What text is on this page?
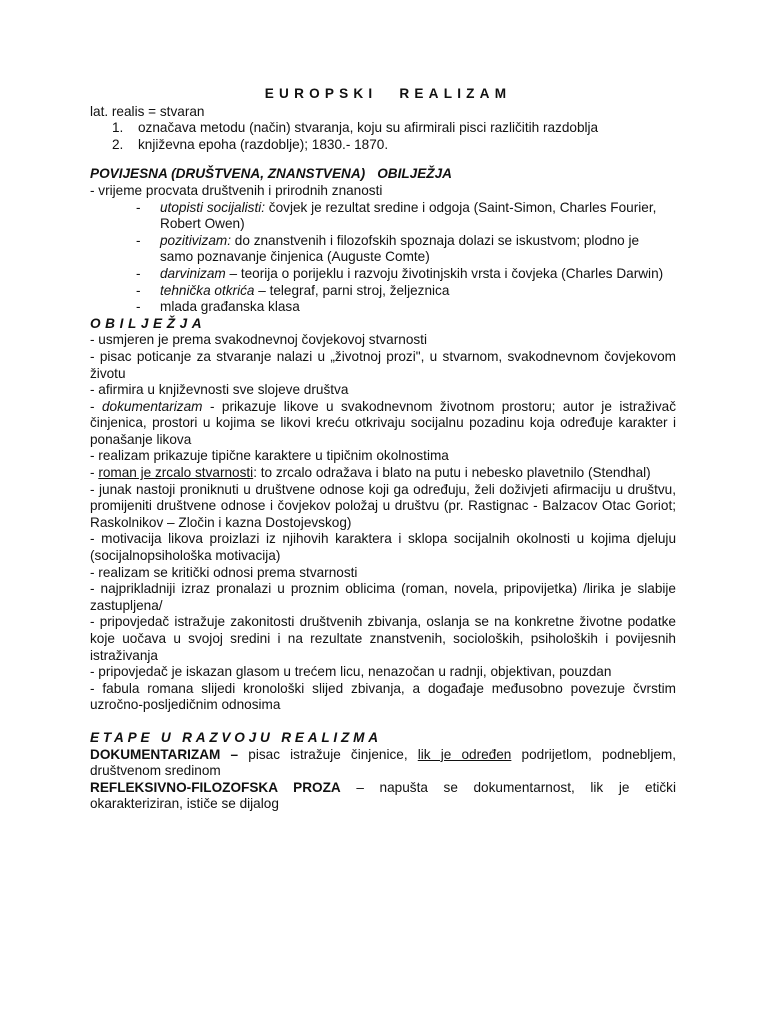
EUROPSKI REALIZAM
lat. realis = stvaran
1. označava metodu (način) stvaranja, koju su afirmirali pisci različitih razdoblja
2. književna epoha (razdoblje); 1830.- 1870.
POVIJESNA (DRUŠTVENA, ZNANSTVENA) OBILJEŽJA
- vrijeme procvata društvenih i prirodnih znanosti
- utopisti socijalisti: čovjek je rezultat sredine i odgoja (Saint-Simon, Charles Fourier, Robert Owen)
- pozitivizam: do znanstvenih i filozofskih spoznaja dolazi se iskustvom; plodno je samo poznavanje činjenica (Auguste Comte)
- darvinizam – teorija o porijeklu i razvoju životinjskih vrsta i čovjeka (Charles Darwin)
- tehnička otkrića – telegraf, parni stroj, željeznica
- mlada građanska klasa
OBILJEŽJA
- usmjeren je prema svakodnevnoj čovjekovoj stvarnosti
- pisac poticanje za stvaranje nalazi u „životnoj prozi", u stvarnom, svakodnevnom čovjekovom životu
- afirmira u književnosti sve slojeve društva
- dokumentarizam - prikazuje likove u svakodnevnom životnom prostoru; autor je istraživač činjenica, prostori u kojima se likovi kreću otkrivaju socijalnu pozadinu koja određuje karakter i ponašanje likova
- realizam prikazuje tipične karaktere u tipičnim okolnostima
- roman je zrcalo stvarnosti: to zrcalo odražava i blato na putu i nebesko plavetnilo (Stendhal)
- junak nastoji proniknuti u društvene odnose koji ga određuju, želi doživjeti afirmaciju u društvu, promijeniti društvene odnose i čovjekov položaj u društvu (pr. Rastignac - Balzacov Otac Goriot; Raskolnikov – Zločin i kazna Dostojevskog)
- motivacija likova proizlazi iz njihovih karaktera i sklopa socijalnih okolnosti u kojima djeluju (socijalnopsihološka motivacija)
- realizam se kritički odnosi prema stvarnosti
- najprikladniji izraz pronalazi u proznim oblicima (roman, novela, pripovijetka) /lirika je slabije zastupljena/
- pripovjedač istražuje zakonitosti društvenih zbivanja, oslanja se na konkretne životne podatke koje uočava u svojoj sredini i na rezultate znanstvenih, socioloških, psiholoških i povijesnih istraživanja
- pripovjedač je iskazan glasom u trećem licu, nenazočan u radnji, objektivan, pouzdan
- fabula romana slijedi kronološki slijed zbivanja, a događaje međusobno povezuje čvrstim uzročno-posljedičnim odnosima
ETAPE U RAZVOJU REALIZMA
DOKUMENTARIZAM – pisac istražuje činjenice, lik je određen podrijetlom, podnebljem, društvenom sredinom
REFLEKSIVNO-FILOZOFSKA PROZA – napušta se dokumentarnost, lik je etički okarakteriziran, ističe se dijalog
